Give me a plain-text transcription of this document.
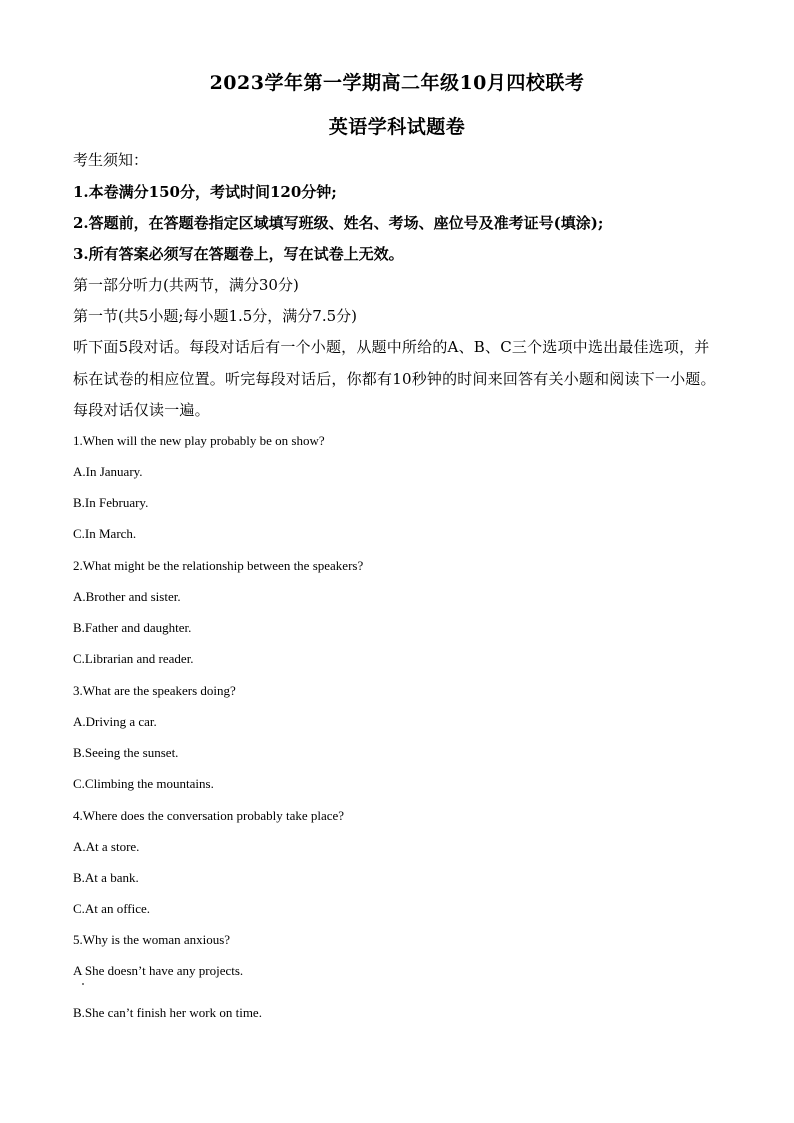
2023学年第一学期高二年级10月四校联考
英语学科试题卷
考生须知：
1.本卷满分150分，考试时间120分钟;
2.答题前，在答题卷指定区域填写班级、姓名、考场、座位号及准考证号(填涂);
3.所有答案必须写在答题卷上，写在试卷上无效。
第一部分听力(共两节，满分30分)
第一节(共5小题;每小题1.5分，满分7.5分)
听下面5段对话。每段对话后有一个小题，从题中所给的A、B、C三个选项中选出最佳选项，并标在试卷的相应位置。听完每段对话后，你都有10秒钟的时间来回答有关小题和阅读下一小题。每段对话仅读一遍。
1.When will the new play probably be on show?
A.In January.
B.In February.
C.In March.
2.What might be the relationship between the speakers?
A.Brother and sister.
B.Father and daughter.
C.Librarian and reader.
3.What are the speakers doing?
A.Driving a car.
B.Seeing the sunset.
C.Climbing the mountains.
4.Where does the conversation probably take place?
A.At a store.
B.At a bank.
C.At an office.
5.Why is the woman anxious?
A She doesn’t have any projects.
B.She can’t finish her work on time.
